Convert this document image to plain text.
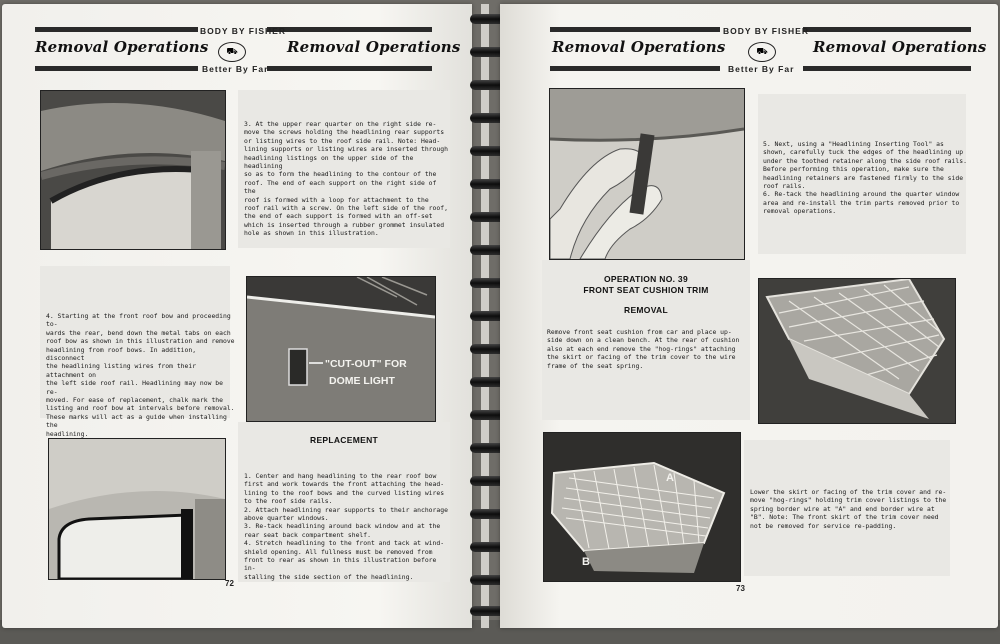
Removal Operations	Removal Operations
BODY BY FISHER
⛟
Better By Far
3. At the upper rear quarter on the right side re-
move the screws holding the headlining rear supports
or listing wires to the roof side rail. Note: Head-
lining supports or listing wires are inserted through
headlining listings on the upper side of the headlining
so as to form the headlining to the contour of the
roof. The end of each support on the right side of the
roof is formed with a loop for attachment to the
roof rail with a screw. On the left side of the roof,
the end of each support is formed with an off-set
which is inserted through a rubber grommet insulated
hole as shown in this illustration.
4. Starting at the front roof bow and proceeding to-
wards the rear, bend down the metal tabs on each
roof bow as shown in this illustration and remove
headlining from roof bows. In addition, disconnect
the headlining listing wires from their attachment on
the left side roof rail. Headlining may now be re-
moved. For ease of replacement, chalk mark the
listing and roof bow at intervals before removal.
These marks will act as a guide when installing the
headlining.
"CUT-OUT" FOR
DOME LIGHT
REPLACEMENT
1. Center and hang headlining to the rear roof bow
first and work towards the front attaching the head-
lining to the roof bows and the curved listing wires
to the roof side rails.
2. Attach headlining rear supports to their anchorage
above quarter windows.
3. Re-tack headlining around back window and at the
rear seat back compartment shelf.
4. Stretch headlining to the front and tack at wind-
shield opening. All fullness must be removed from
front to rear as shown in this illustration before in-
stalling the side section of the headlining.
72
Removal Operations	Removal Operations
BODY BY FISHER
⛟
Better By Far
5. Next, using a "Headlining Inserting Tool" as
shown, carefully tuck the edges of the headlining up
under the toothed retainer along the side roof rails.
Before performing this operation, make sure the
headlining retainers are fastened firmly to the side
roof rails.
6. Re-tack the headlining around the quarter window
area and re-install the trim parts removed prior to
removal operations.
OPERATION NO. 39
FRONT SEAT CUSHION TRIM
REMOVAL
Remove front seat cushion from car and place up-
side down on a clean bench. At the rear of cushion
also at each end remove the "hog-rings" attaching
the skirt or facing of the trim cover to the wire
frame of the seat spring.
A
B
Lower the skirt or facing of the trim cover and re-
move "hog-rings" holding trim cover listings to the
spring border wire at "A" and end border wire at
"B". Note: The front skirt of the trim cover need
not be removed for service re-padding.
73
